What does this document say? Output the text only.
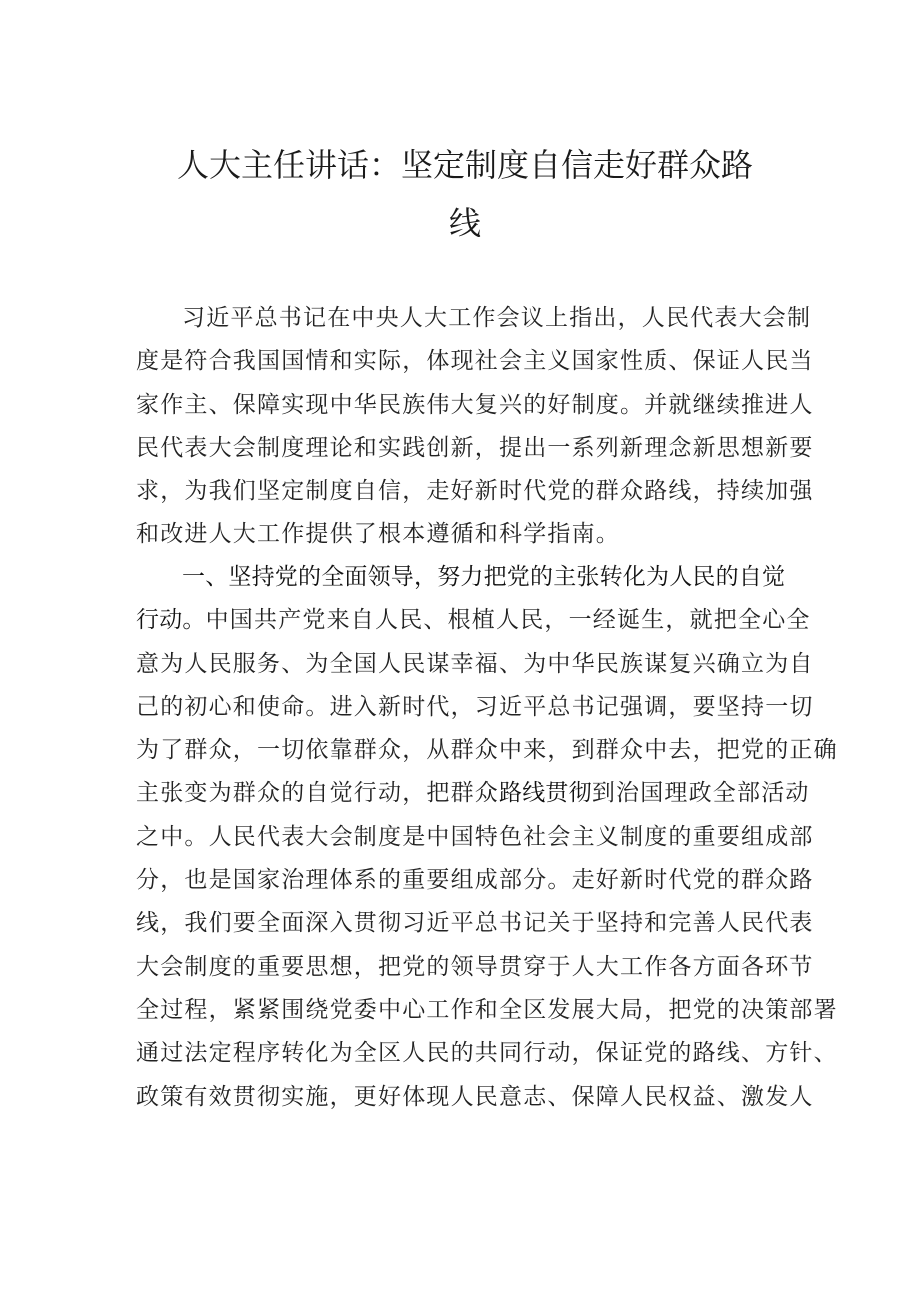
人大主任讲话：坚定制度自信走好群众路
线
习近平总书记在中央人大工作会议上指出，人民代表大会制
度是符合我国国情和实际，体现社会主义国家性质、保证人民当
家作主、保障实现中华民族伟大复兴的好制度。并就继续推进人
民代表大会制度理论和实践创新，提出一系列新理念新思想新要
求，为我们坚定制度自信，走好新时代党的群众路线，持续加强
和改进人大工作提供了根本遵循和科学指南。
一、坚持党的全面领导，努力把党的主张转化为人民的自觉
行动。中国共产党来自人民、根植人民，一经诞生，就把全心全
意为人民服务、为全国人民谋幸福、为中华民族谋复兴确立为自
己的初心和使命。进入新时代，习近平总书记强调，要坚持一切
为了群众，一切依靠群众，从群众中来，到群众中去，把党的正确
主张变为群众的自觉行动，把群众路线贯彻到治国理政全部活动
之中。人民代表大会制度是中国特色社会主义制度的重要组成部
分，也是国家治理体系的重要组成部分。走好新时代党的群众路
线，我们要全面深入贯彻习近平总书记关于坚持和完善人民代表
大会制度的重要思想，把党的领导贯穿于人大工作各方面各环节
全过程，紧紧围绕党委中心工作和全区发展大局，把党的决策部署
通过法定程序转化为全区人民的共同行动，保证党的路线、方针、
政策有效贯彻实施，更好体现人民意志、保障人民权益、激发人
